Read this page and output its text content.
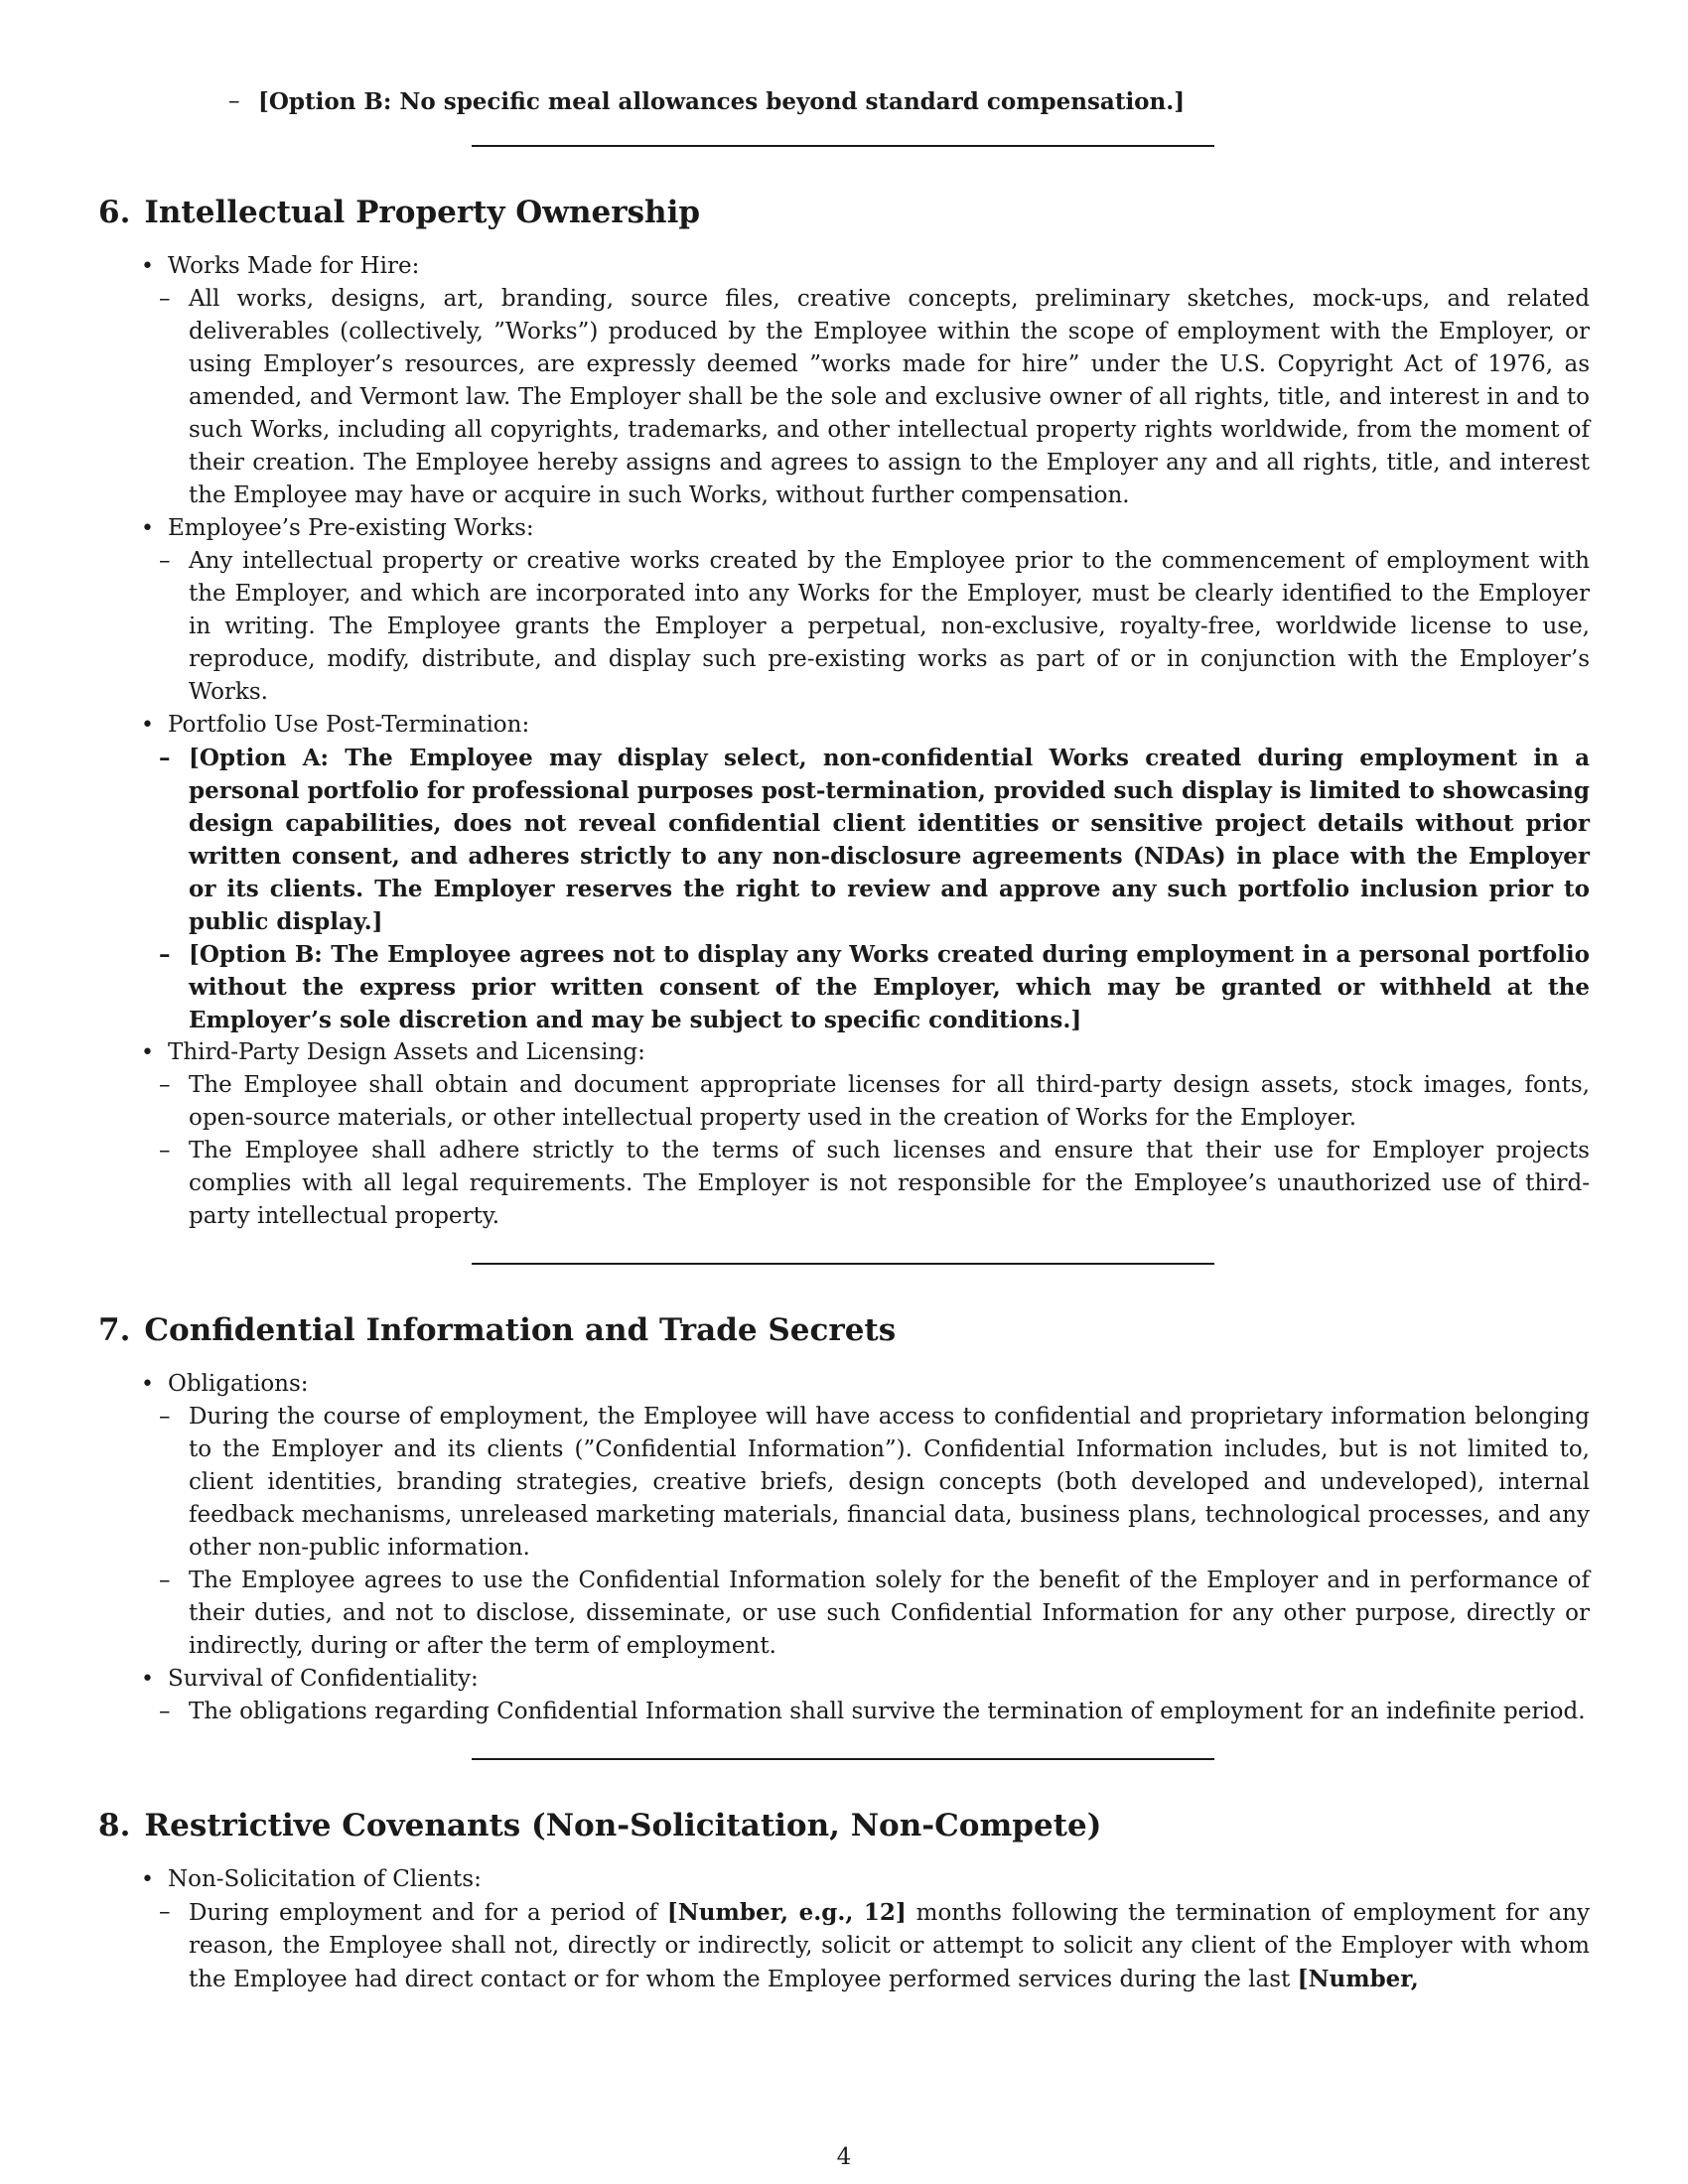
– [Option B: No specific meal allowances beyond standard compensation.]
6. Intellectual Property Ownership
• Works Made for Hire:
– All works, designs, art, branding, source files, creative concepts, preliminary sketches, mock-ups, and related deliverables (collectively, ”Works”) produced by the Employee within the scope of employment with the Employer, or using Employer’s resources, are expressly deemed ”works made for hire” under the U.S. Copyright Act of 1976, as amended, and Vermont law. The Employer shall be the sole and exclusive owner of all rights, title, and interest in and to such Works, including all copyrights, trademarks, and other intellectual property rights worldwide, from the moment of their creation. The Employee hereby assigns and agrees to assign to the Employer any and all rights, title, and interest the Employee may have or acquire in such Works, without further compensation.
• Employee’s Pre-existing Works:
– Any intellectual property or creative works created by the Employee prior to the commencement of employment with the Employer, and which are incorporated into any Works for the Employer, must be clearly identified to the Employer in writing. The Employee grants the Employer a perpetual, non-exclusive, royalty-free, worldwide license to use, reproduce, modify, distribute, and display such pre-existing works as part of or in conjunction with the Employer’s Works.
• Portfolio Use Post-Termination:
– [Option A: The Employee may display select, non-confidential Works created during employment in a personal portfolio for professional purposes post-termination, provided such display is limited to showcasing design capabilities, does not reveal confidential client identities or sensitive project details without prior written consent, and adheres strictly to any non-disclosure agreements (NDAs) in place with the Employer or its clients. The Employer reserves the right to review and approve any such portfolio inclusion prior to public display.]
– [Option B: The Employee agrees not to display any Works created during employment in a personal portfolio without the express prior written consent of the Employer, which may be granted or withheld at the Employer’s sole discretion and may be subject to specific conditions.]
• Third-Party Design Assets and Licensing:
– The Employee shall obtain and document appropriate licenses for all third-party design assets, stock images, fonts, open-source materials, or other intellectual property used in the creation of Works for the Employer.
– The Employee shall adhere strictly to the terms of such licenses and ensure that their use for Employer projects complies with all legal requirements. The Employer is not responsible for the Employee’s unauthorized use of third-party intellectual property.
7. Confidential Information and Trade Secrets
• Obligations:
– During the course of employment, the Employee will have access to confidential and proprietary information belonging to the Employer and its clients (”Confidential Information”). Confidential Information includes, but is not limited to, client identities, branding strategies, creative briefs, design concepts (both developed and undeveloped), internal feedback mechanisms, unreleased marketing materials, financial data, business plans, technological processes, and any other non-public information.
– The Employee agrees to use the Confidential Information solely for the benefit of the Employer and in performance of their duties, and not to disclose, disseminate, or use such Confidential Information for any other purpose, directly or indirectly, during or after the term of employment.
• Survival of Confidentiality:
– The obligations regarding Confidential Information shall survive the termination of employment for an indefinite period.
8. Restrictive Covenants (Non-Solicitation, Non-Compete)
• Non-Solicitation of Clients:
– During employment and for a period of [Number, e.g., 12] months following the termination of employment for any reason, the Employee shall not, directly or indirectly, solicit or attempt to solicit any client of the Employer with whom the Employee had direct contact or for whom the Employee performed services during the last [Number,
4
